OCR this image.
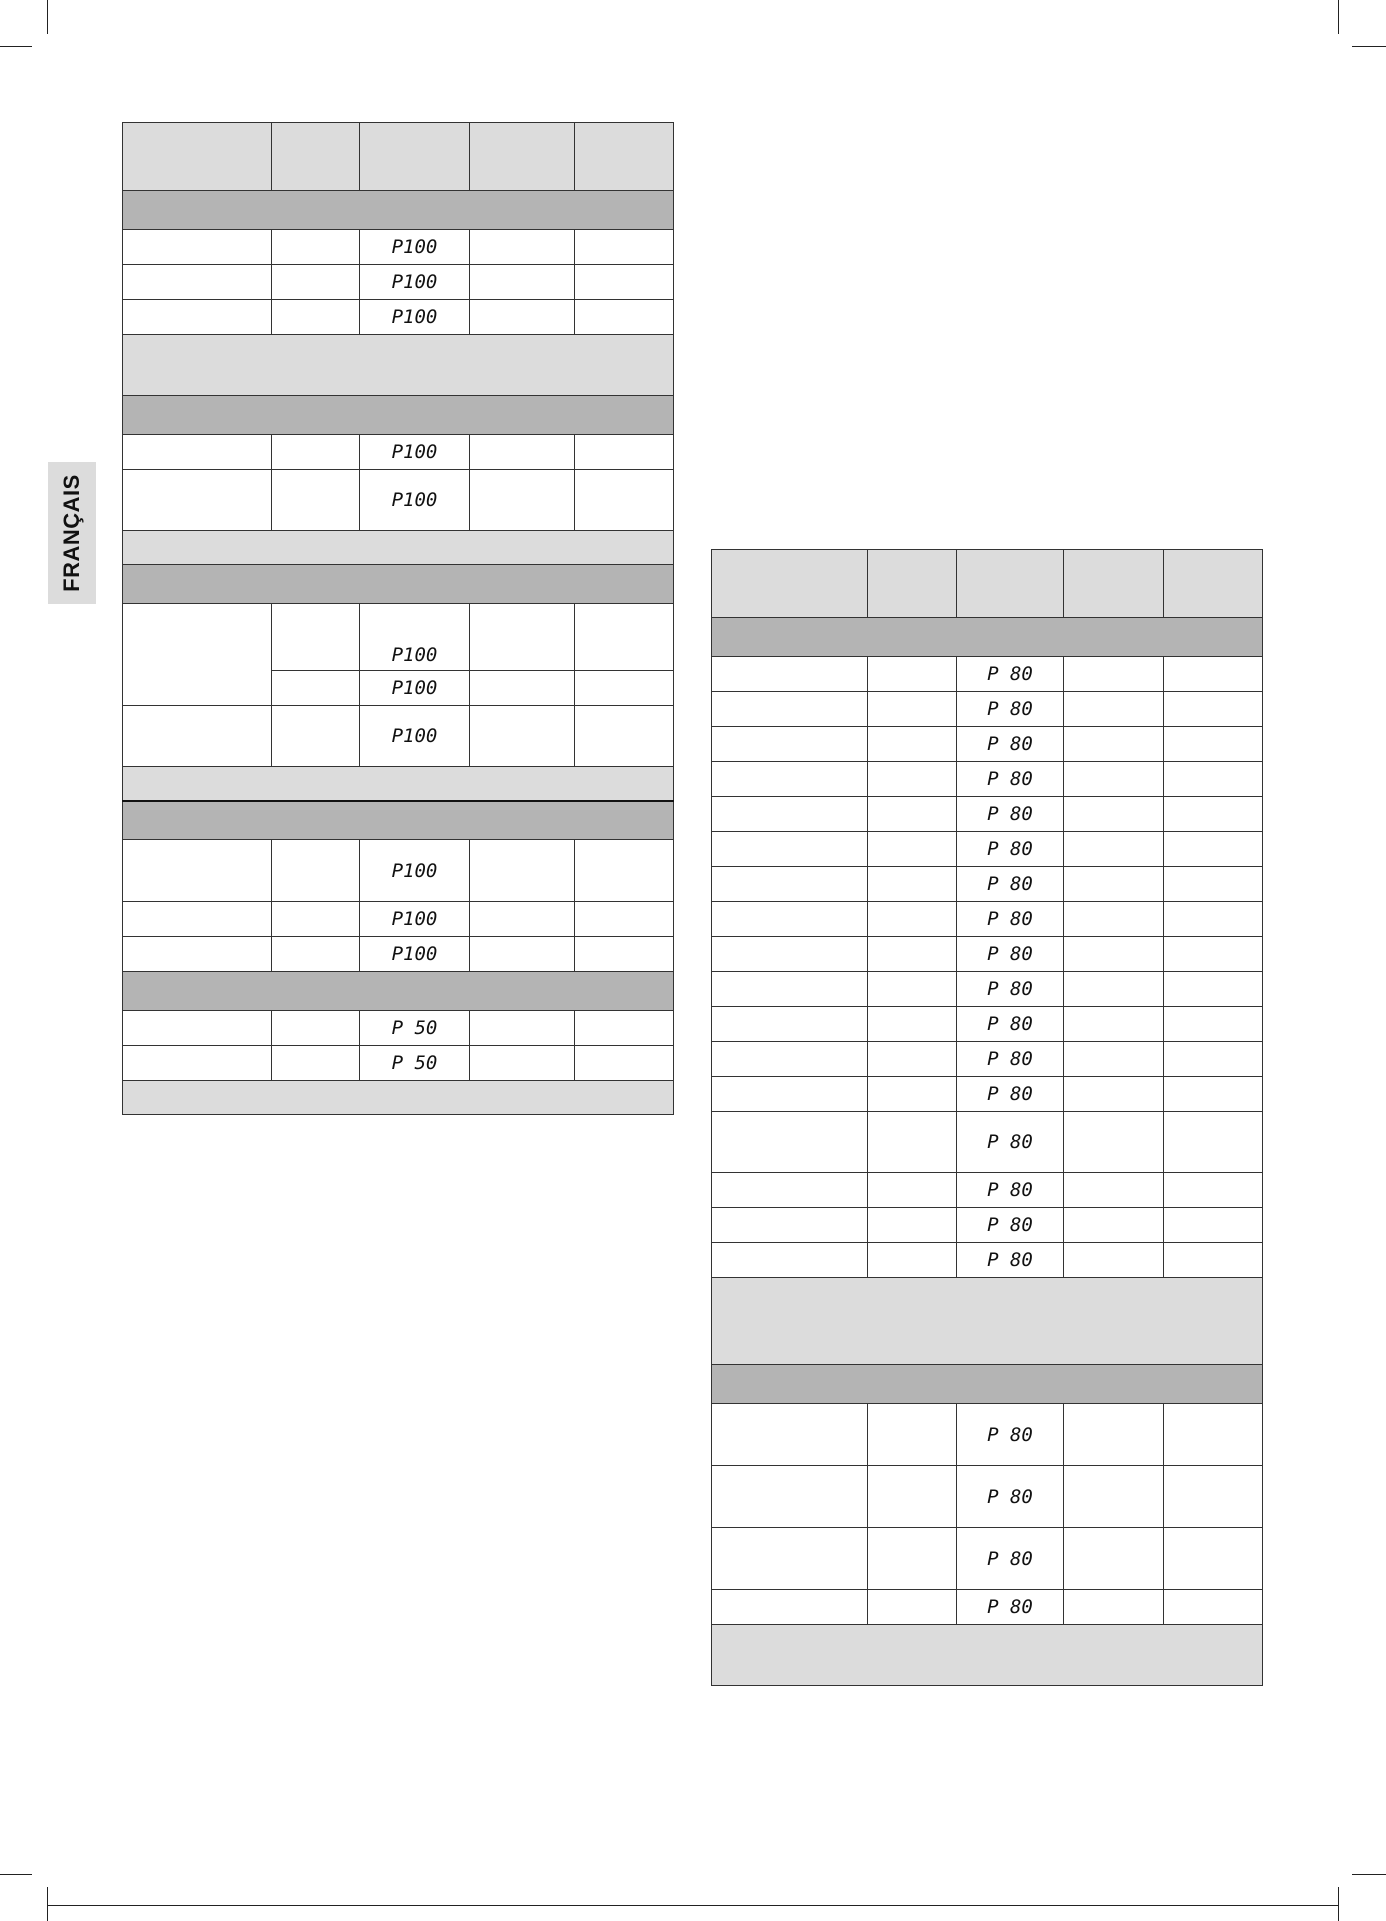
FRANÇAIS

		P100		
		P100		
		P100		

		P100		
		P100		

		P100		
		P100		
		P100		

		P100		
		P100		
		P100		

		P 50		
		P 50		

		P 80		
		P 80		
		P 80		
		P 80		
		P 80		
		P 80		
		P 80		
		P 80		
		P 80		
		P 80		
		P 80		
		P 80		
		P 80		
		P 80		
		P 80		
		P 80		
		P 80		

		P 80		
		P 80		
		P 80		
		P 80		
